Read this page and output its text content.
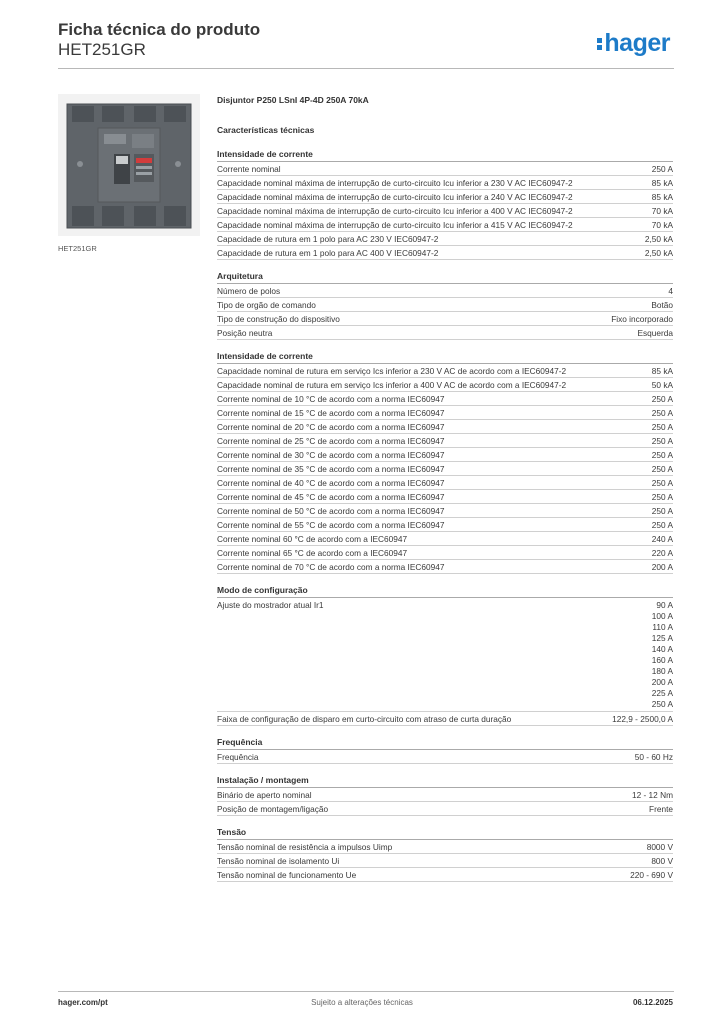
Ficha técnica do produto
HET251GR	hager
HET251GR
Disjuntor P250 LSnI 4P-4D 250A 70kA
Características técnicas
Intensidade de corrente
Corrente nominal	250 A
Capacidade nominal máxima de interrupção de curto-circuito Icu inferior a 230 V AC IEC60947-2	85 kA
Capacidade nominal máxima de interrupção de curto-circuito Icu inferior a 240 V AC IEC60947-2	85 kA
Capacidade nominal máxima de interrupção de curto-circuito Icu inferior a 400 V AC IEC60947-2	70 kA
Capacidade nominal máxima de interrupção de curto-circuito Icu inferior a 415 V AC IEC60947-2	70 kA
Capacidade de rutura em 1 polo para AC 230 V IEC60947-2	2,50 kA
Capacidade de rutura em 1 polo para AC 400 V IEC60947-2	2,50 kA
Arquitetura
Número de polos	4
Tipo de orgão de comando	Botão
Tipo de construção do dispositivo	Fixo incorporado
Posição neutra	Esquerda
Intensidade de corrente
Capacidade nominal de rutura em serviço Ics inferior a 230 V AC de acordo com a IEC60947-2	85 kA
Capacidade nominal de rutura em serviço Ics inferior a 400 V AC de acordo com a IEC60947-2	50 kA
Corrente nominal de 10 °C de acordo com a norma IEC60947	250 A
Corrente nominal de 15 °C de acordo com a norma IEC60947	250 A
Corrente nominal de 20 °C de acordo com a norma IEC60947	250 A
Corrente nominal de 25 °C de acordo com a norma IEC60947	250 A
Corrente nominal de 30 °C de acordo com a norma IEC60947	250 A
Corrente nominal de 35 °C de acordo com a norma IEC60947	250 A
Corrente nominal de 40 °C de acordo com a norma IEC60947	250 A
Corrente nominal de 45 °C de acordo com a norma IEC60947	250 A
Corrente nominal de 50 °C de acordo com a norma IEC60947	250 A
Corrente nominal de 55 °C de acordo com a norma IEC60947	250 A
Corrente nominal 60 °C de acordo com a IEC60947	240 A
Corrente nominal 65 °C de acordo com a IEC60947	220 A
Corrente nominal de 70 °C de acordo com a norma IEC60947	200 A
Modo de configuração
Ajuste do mostrador atual Ir1	90 A
100 A
110 A
125 A
140 A
160 A
180 A
200 A
225 A
250 A
Faixa de configuração de disparo em curto-circuito com atraso de curta duração	122,9 - 2500,0 A
Frequência
Frequência	50 - 60 Hz
Instalação / montagem
Binário de aperto nominal	12 - 12 Nm
Posição de montagem/ligação	Frente
Tensão
Tensão nominal de resistência a impulsos Uimp	8000 V
Tensão nominal de isolamento Ui	800 V
Tensão nominal de funcionamento Ue	220 - 690 V
Sujeito a alterações técnicas
hager.com/pt	06.12.2025
